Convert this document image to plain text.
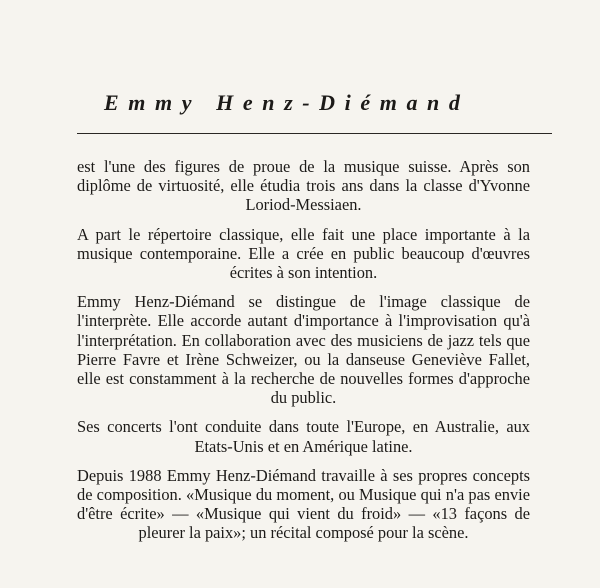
Emmy Henz-Diémand

est l'une des figures de proue de la musique suisse. Après son diplôme de virtuosité, elle étudia trois ans dans la classe d'Yvonne Loriod-Messiaen.

A part le répertoire classique, elle fait une place importante à la musique contemporaine. Elle a crée en public beaucoup d'œuvres écrites à son intention.

Emmy Henz-Diémand se distingue de l'image classique de l'interprète. Elle accorde autant d'importance à l'improvisation qu'à l'interprétation. En collaboration avec des musiciens de jazz tels que Pierre Favre et Irène Schweizer, ou la danseuse Geneviève Fallet, elle est constamment à la recherche de nouvelles formes d'approche du public.

Ses concerts l'ont conduite dans toute l'Europe, en Australie, aux Etats-Unis et en Amérique latine.

Depuis 1988 Emmy Henz-Diémand travaille à ses propres concepts de composition. «Musique du moment, ou Musique qui n'a pas envie d'être écrite» — «Musique qui vient du froid» — «13 façons de pleurer la paix»; un récital composé pour la scène.
